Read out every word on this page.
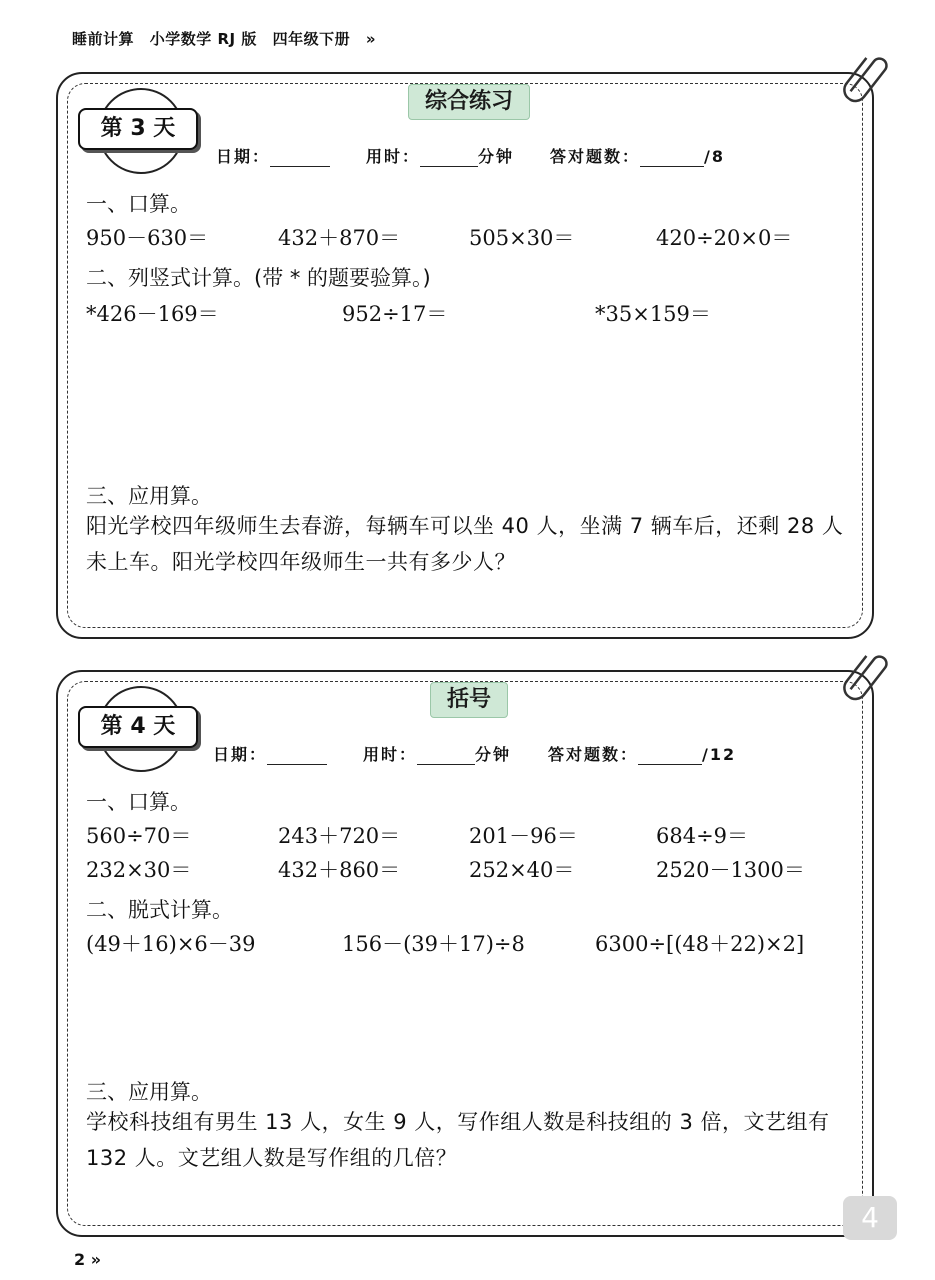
睡前计算 小学数学 RJ 版 四年级下册 »
综合练习
第 3 天
日期：	用时：	分钟 答对题数：	/8
一、口算。
950－630＝	432＋870＝	505×30＝	420÷20×0＝
二、列竖式计算。(带 * 的题要验算。)
*426－169＝	952÷17＝	*35×159＝
三、应用算。
阳光学校四年级师生去春游，每辆车可以坐 40 人，坐满 7 辆车后，还剩 28 人
未上车。阳光学校四年级师生一共有多少人？
括号
第 4 天
日期：	用时：	分钟 答对题数：	/12
一、口算。
560÷70＝	243＋720＝	201－96＝	684÷9＝
232×30＝	432＋860＝	252×40＝	2520－1300＝
二、脱式计算。
(49＋16)×6－39	156－(39＋17)÷8	6300÷[(48＋22)×2]
三、应用算。
学校科技组有男生 13 人，女生 9 人，写作组人数是科技组的 3 倍，文艺组有
132 人。文艺组人数是写作组的几倍？
2 »
4
